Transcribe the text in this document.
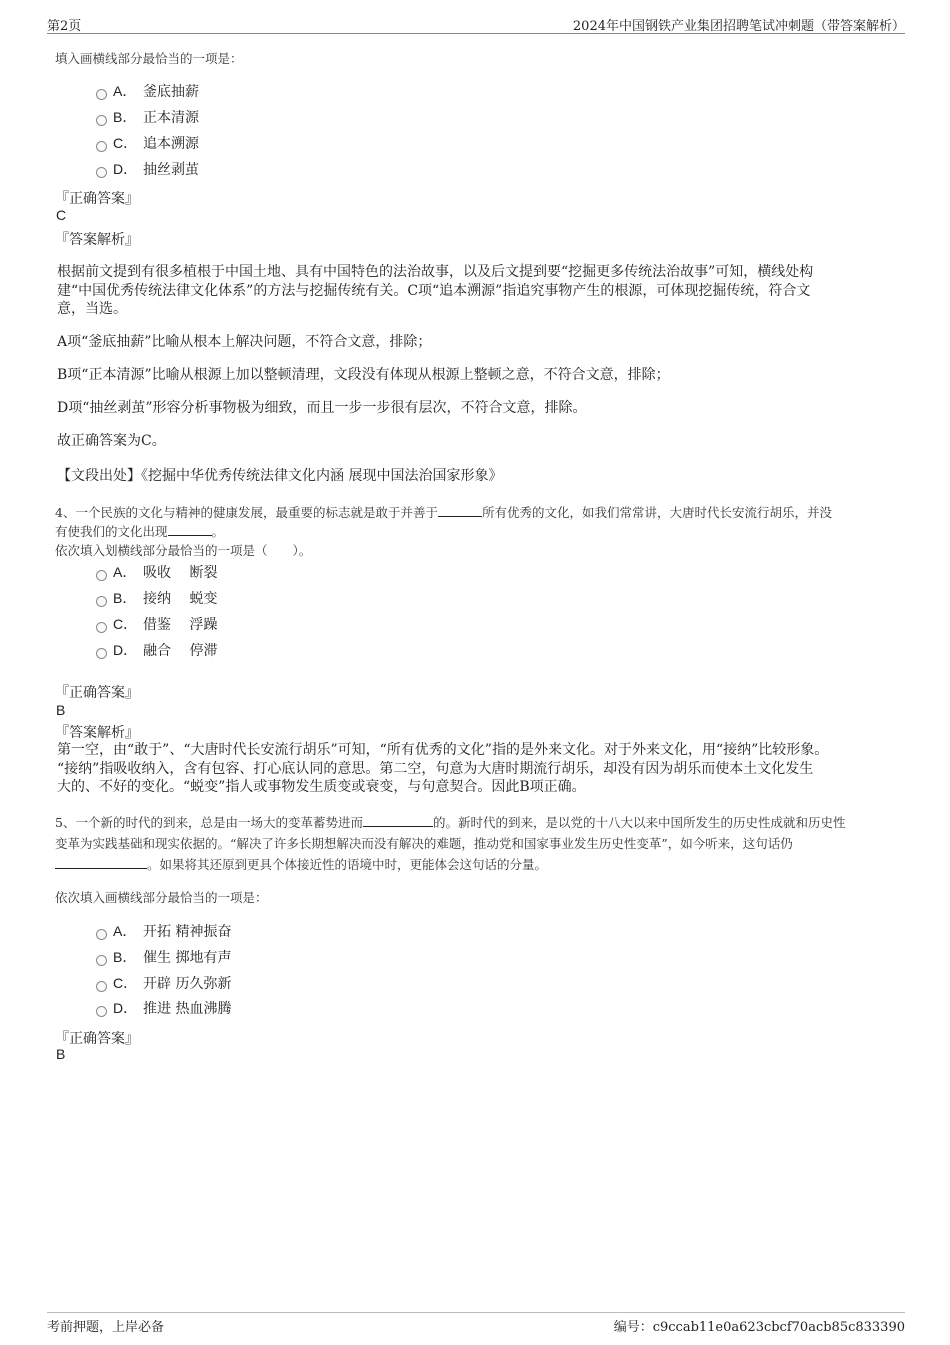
第2页	2024年中国钢铁产业集团招聘笔试冲刺题（带答案解析）
填入画横线部分最恰当的一项是：
A． 釜底抽薪
B． 正本清源
C． 追本溯源
D． 抽丝剥茧
『正确答案』
C
『答案解析』
根据前文提到有很多植根于中国土地、具有中国特色的法治故事，以及后文提到要“挖掘更多传统法治故事”可知，横线处构
建“中国优秀传统法律文化体系”的方法与挖掘传统有关。C项“追本溯源”指追究事物产生的根源，可体现挖掘传统，符合文
意，当选。
A项“釜底抽薪”比喻从根本上解决问题，不符合文意，排除；
B项“正本清源”比喻从根源上加以整顿清理，文段没有体现从根源上整顿之意，不符合文意，排除；
D项“抽丝剥茧”形容分析事物极为细致，而且一步一步很有层次，不符合文意，排除。
故正确答案为C。
【文段出处】《挖掘中华优秀传统法律文化内涵 展现中国法治国家形象》
4、一个民族的文化与精神的健康发展，最重要的标志就是敢于并善于	所有优秀的文化，如我们常常讲，大唐时代长安流行胡乐，并没
有使我们的文化出现	。
依次填入划横线部分最恰当的一项是（　　）。
A． 吸收　 断裂
B． 接纳　 蜕变
C． 借鉴　 浮躁
D． 融合　 停滞
『正确答案』
B
『答案解析』
第一空，由“敢于”、“大唐时代长安流行胡乐”可知，“所有优秀的文化”指的是外来文化。对于外来文化，用“接纳”比较形象。
“接纳”指吸收纳入，含有包容、打心底认同的意思。第二空，句意为大唐时期流行胡乐，却没有因为胡乐而使本土文化发生
大的、不好的变化。“蜕变”指人或事物发生质变或衰变，与句意契合。因此B项正确。
5、一个新的时代的到来，总是由一场大的变革蓄势进而	的。新时代的到来，是以党的十八大以来中国所发生的历史性成就和历史性
变革为实践基础和现实依据的。“解决了许多长期想解决而没有解决的难题，推动党和国家事业发生历史性变革”，如今听来，这句话仍
。如果将其还原到更具个体接近性的语境中时，更能体会这句话的分量。
依次填入画横线部分最恰当的一项是：
A． 开拓 精神振奋
B． 催生 掷地有声
C． 开辟 历久弥新
D． 推进 热血沸腾
『正确答案』
B
考前押题，上岸必备	编号：c9ccab11e0a623cbcf70acb85c833390
